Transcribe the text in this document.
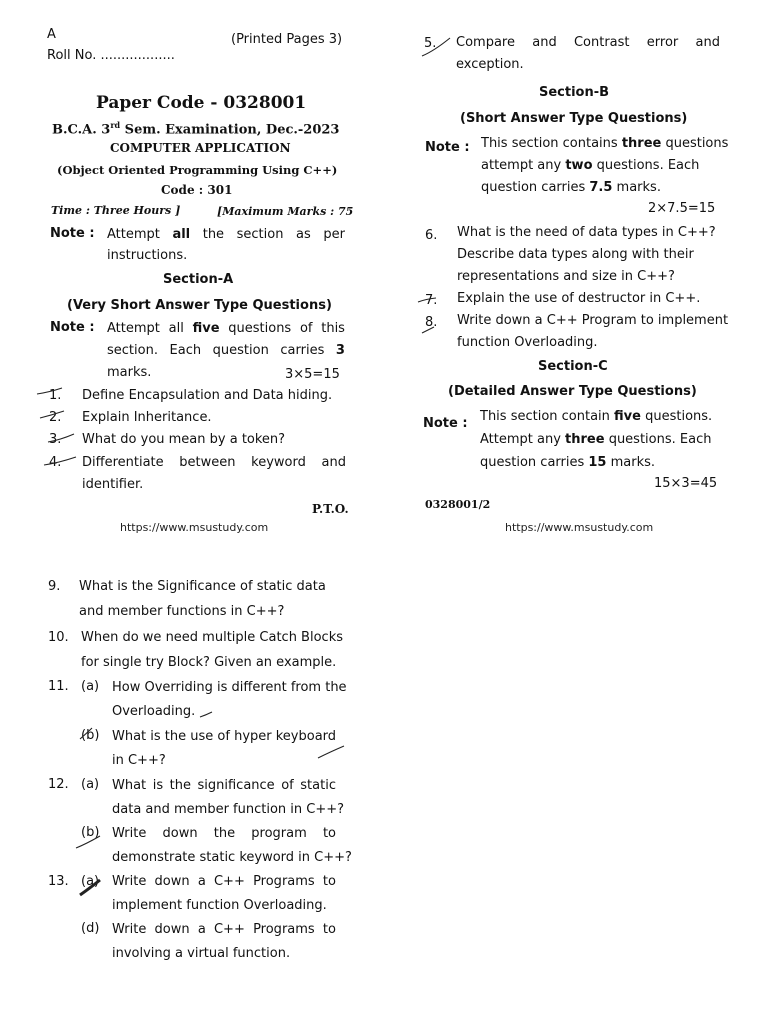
A	(Printed Pages 3)
Roll No. ..................
Paper Code - 0328001
B.C.A. 3rd Sem. Examination, Dec.-2023
COMPUTER APPLICATION
(Object Oriented Programming Using C++)
Code : 301
Time : Three Hours ]	[Maximum Marks : 75
Note : Attempt all the section as per
instructions.
Section-A
(Very Short Answer Type Questions)
Note : Attempt all five questions of this
section. Each question carries 3
marks.	3×5=15
1. Define Encapsulation and Data hiding.
2. Explain Inheritance.
3. What do you mean by a token?
4. Differentiate between keyword and
identifier.
P.T.O.
https://www.msustudy.com
5. Compare and Contrast error and
exception.
Section-B
(Short Answer Type Questions)
Note : This section contains three questions
attempt any two questions. Each
question carries 7.5 marks.
2×7.5=15
6. What is the need of data types in C++?
Describe data types along with their
representations and size in C++?
7. Explain the use of destructor in C++.
8. Write down a C++ Program to implement
function Overloading.
Section-C
(Detailed Answer Type Questions)
Note : This section contain five questions.
Attempt any three questions. Each
question carries 15 marks.
15×3=45
0328001/2
https://www.msustudy.com
9. What is the Significance of static data
and member functions in C++?
10. When do we need multiple Catch Blocks
for single try Block? Given an example.
11. (a) How Overriding is different from the
Overloading.
(b) What is the use of hyper keyboard
in C++?
12. (a) What is the significance of static
data and member function in C++?
(b) Write down the program to
demonstrate static keyword in C++?
13. (a) Write down a C++ Programs to
implement function Overloading.
(d) Write down a C++ Programs to
involving a virtual function.
